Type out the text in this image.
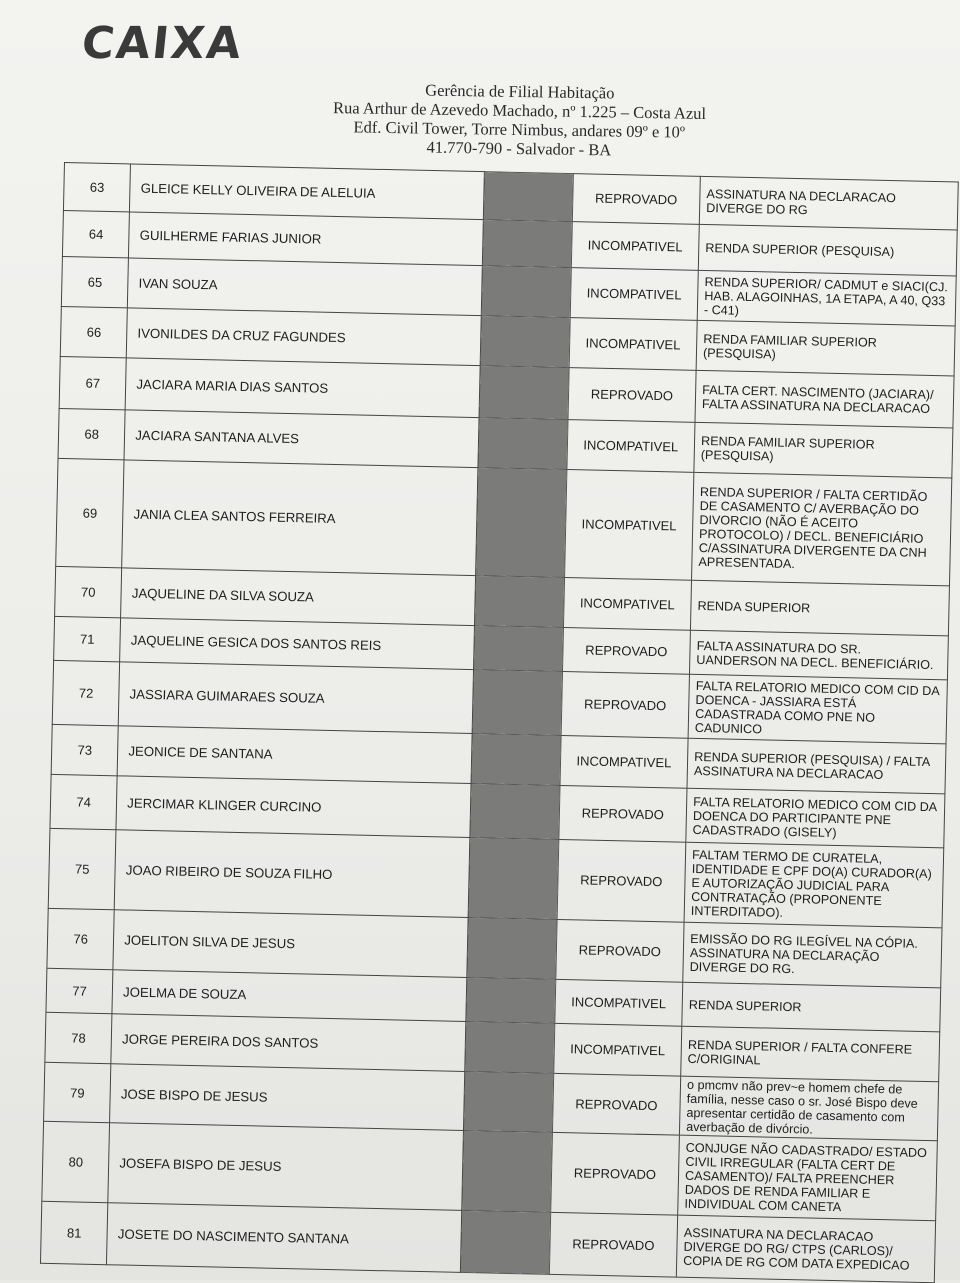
CAIXA
Gerência de Filial Habitação
Rua Arthur de Azevedo Machado, nº 1.225 – Costa Azul
Edf. Civil Tower, Torre Nimbus, andares 09º e 10º
41.770-790 - Salvador - BA
63	GLEICE KELLY OLIVEIRA DE ALELUIA		REPROVADO	ASSINATURA NA DECLARACAO DIVERGE DO RG

64	GUILHERME FARIAS JUNIOR		INCOMPATIVEL	RENDA SUPERIOR (PESQUISA)

65	IVAN SOUZA		INCOMPATIVEL	RENDA SUPERIOR/ CADMUT e SIACI(CJ. HAB. ALAGOINHAS, 1A ETAPA, A 40, Q33 - C41)

66	IVONILDES DA CRUZ FAGUNDES		INCOMPATIVEL	RENDA FAMILIAR SUPERIOR (PESQUISA)

67	JACIARA MARIA DIAS SANTOS		REPROVADO	FALTA CERT. NASCIMENTO (JACIARA)/ FALTA ASSINATURA NA DECLARACAO

68	JACIARA SANTANA ALVES		INCOMPATIVEL	RENDA FAMILIAR SUPERIOR (PESQUISA)

69	JANIA CLEA SANTOS FERREIRA		INCOMPATIVEL	RENDA SUPERIOR / FALTA CERTIDÃO DE CASAMENTO C/ AVERBAÇÃO DO DIVORCIO (NÃO É ACEITO PROTOCOLO) / DECL. BENEFICIÁRIO C/ASSINATURA DIVERGENTE DA CNH APRESENTADA.

70	JAQUELINE DA SILVA SOUZA		INCOMPATIVEL	RENDA SUPERIOR

71	JAQUELINE GESICA DOS SANTOS REIS		REPROVADO	FALTA ASSINATURA DO SR. UANDERSON NA DECL. BENEFICIÁRIO.

72	JASSIARA GUIMARAES SOUZA		REPROVADO	FALTA RELATORIO MEDICO COM CID DA DOENCA - JASSIARA ESTÁ CADASTRADA COMO PNE NO CADUNICO

73	JEONICE DE SANTANA		INCOMPATIVEL	RENDA SUPERIOR (PESQUISA) / FALTA ASSINATURA NA DECLARACAO

74	JERCIMAR KLINGER CURCINO		REPROVADO	FALTA RELATORIO MEDICO COM CID DA DOENCA DO PARTICIPANTE PNE CADASTRADO (GISELY)

75	JOAO RIBEIRO DE SOUZA FILHO		REPROVADO	FALTAM TERMO DE CURATELA, IDENTIDADE E CPF DO(A) CURADOR(A) E AUTORIZAÇÃO JUDICIAL PARA CONTRATAÇÃO (PROPONENTE INTERDITADO).

76	JOELITON SILVA DE JESUS		REPROVADO	EMISSÃO DO RG ILEGÍVEL NA CÓPIA. ASSINATURA NA DECLARAÇÃO DIVERGE DO RG.

77	JOELMA DE SOUZA		INCOMPATIVEL	RENDA SUPERIOR

78	JORGE PEREIRA DOS SANTOS		INCOMPATIVEL	RENDA SUPERIOR / FALTA CONFERE C/ORIGINAL

79	JOSE BISPO DE JESUS		REPROVADO	o pmcmv não prev~e homem chefe de família, nesse caso o sr. José Bispo deve apresentar certidão de casamento com averbação de divórcio.

80	JOSEFA BISPO DE JESUS		REPROVADO	CONJUGE NÃO CADASTRADO/ ESTADO CIVIL IRREGULAR (FALTA CERT DE CASAMENTO)/ FALTA PREENCHER DADOS DE RENDA FAMILIAR E INDIVIDUAL COM CANETA

81	JOSETE DO NASCIMENTO SANTANA		REPROVADO	ASSINATURA NA DECLARACAO DIVERGE DO RG/ CTPS (CARLOS)/ COPIA DE RG COM DATA EXPEDICAO
